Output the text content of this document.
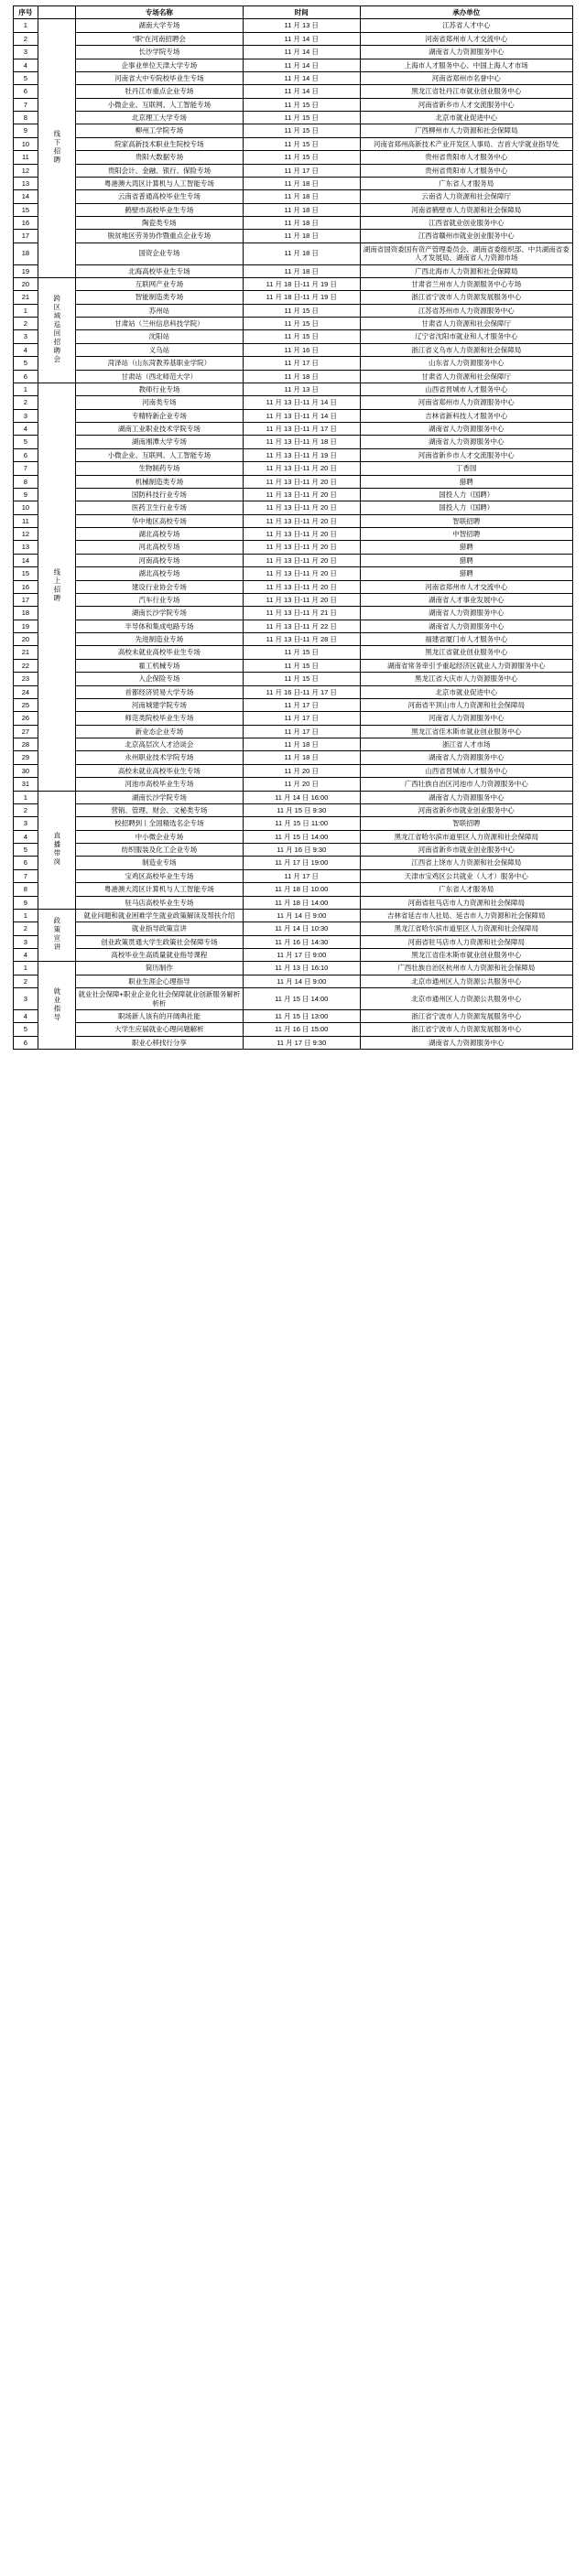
序号		专场名称	时间	承办单位
1	线下招聘	湖南大学专场	11 月 13 日	江苏省人才中心
2		"职"在河南招聘会	11 月 14 日	河南省郑州市人才交流中心
3		长沙学院专场	11 月 14 日	湖南省人力资源服务中心
4		企事业单位天津大学专场	11 月 14 日	上海市人才服务中心、中国上海人才市场
5		河南省大中专院校毕业生专场	11 月 14 日	河南省郑州市名誉中心
6		牡丹江市重点企业专场	11 月 14 日	黑龙江省牡丹江市就业创业服务中心
7		小微企业、互联网、人工智能专场	11 月 15 日	河南省新乡市人才交流服务中心
8		北京理工大学专场	11 月 15 日	北京市就业促进中心
9		柳州工学院专场	11 月 15 日	广西柳州市人力资源和社会保障局
10		院家高新技术职业生院校专场	11 月 15 日	河南省郑州高新技术产业开发区人事局、吉首大学就业指导处
11		贵阳大数据专场	11 月 15 日	贵州省贵阳市人才服务中心
12		贵阳会计、金融、银行、保险专场	11 月 17 日	贵州省贵阳市人才服务中心
13		粤港澳大湾区计算机与人工智能专场	11 月 18 日	广东省人才服务局
14		云南省普通高校毕业生专场	11 月 18 日	云南省人力资源和社会保障厅
15		鹤壁市高校毕业生专场	11 月 18 日	河南省鹤壁市人力资源和社会保障局
16		陶瓷类专场	11 月 18 日	江西省就业创业服务中心
17		脱贫地区劳务协作暨重点企业专场	11 月 18 日	江西省赣州市就业创业服务中心
18		国资企业专场	11 月 18 日	湖南省国资委国有资产管理委员会、湖南省委组织部、中共湖南省委人才发展局、湖南省人力资源市场
19		北海高校毕业生专场	11 月 18 日	广西北海市人力资源和社会保障局
20	跨区域巡回招聘会	互联网产业专场	11 月 18 日-11 月 19 日	甘肃省兰州市人力资源服务中心专场
21		智能制造类专场	11 月 18 日-11 月 19 日	浙江省宁波市人力资源发展服务中心
1		苏州站	11 月 15 日	江苏省苏州市人力资源服务中心
2		甘肃站（兰州信息科技学院）	11 月 15 日	甘肃省人力资源和社会保障厅
3		沈阳站	11 月 15 日	辽宁省沈阳市就业和人才服务中心
4		义乌站	11 月 16 日	浙江省义乌市人力资源和社会保障局
5		菏泽站（山东菏教养基职业学院）	11 月 17 日	山东省人力资源服务中心
6		甘肃站（西北师范大学）	11 月 18 日	甘肃省人力资源和社会保障厅
1	线上招聘	教师行业专场	11 月 13 日	山西省晋城市人才服务中心
2		河南类专场	11 月 13 日-11 月 14 日	河南省郑州市人力资源服务中心
3		专精特新企业专场	11 月 13 日-11 月 14 日	吉林省新科技人才服务中心
4		湖南工业职业技术学院专场	11 月 13 日-11 月 17 日	湖南省人力资源服务中心
5		湖南湘潭大学专场	11 月 13 日-11 月 18 日	湖南省人力资源服务中心
6		小微企业、互联网、人工智能专场	11 月 13 日-11 月 19 日	河南省新乡市人才交流服务中心
7		生物制药专场	11 月 13 日-11 月 20 日	丁香园
8		机械制造类专场	11 月 13 日-11 月 20 日	猎聘
9		国防科技行业专场	11 月 13 日-11 月 20 日	国投人力（国聘）
10		医药卫生行业专场	11 月 13 日-11 月 20 日	国投人力（国聘）
11		华中地区高校专场	11 月 13 日-11 月 20 日	智联招聘
12		湖北高校专场	11 月 13 日-11 月 20 日	中智招聘
13		河北高校专场	11 月 13 日-11 月 20 日	猎聘
14		河南高校专场	11 月 13 日-11 月 20 日	猎聘
15		湖北高校专场	11 月 13 日-11 月 20 日	猎聘
16		建设行业协会专场	11 月 13 日-11 月 20 日	河南省郑州市人才交流中心
17		汽车行业专场	11 月 13 日-11 月 20 日	湖南省人才事业发展中心
18		湖南长沙学院专场	11 月 13 日-11 月 21 日	湖南省人力资源服务中心
19		半导体和集成电路专场	11 月 13 日-11 月 22 日	湖南省人力资源服务中心
20		先进制造业专场	11 月 13 日-11 月 28 日	福建省厦门市人才服务中心
21		高校未就业高校毕业生专场	11 月 15 日	黑龙江省就业创业服务中心
22		霍工机械专场	11 月 15 日	湖南省常务牵引予重起经济区就业人力资源服务中心
23		入企保险专场	11 月 15 日	黑龙江省大庆市人力资源服务中心
24		首都经济贸易大学专场	11 月 16 日-11 月 17 日	北京市就业促进中心
25		河南城建学院专场	11 月 17 日	河南省平顶山市人力资源和社会保障局
26		师范类院校毕业生专场	11 月 17 日	河南省人力资源服务中心
27		新业态企业专场	11 月 17 日	黑龙江省佳木斯市就业创业服务中心
28		北京高层次人才洽谈会	11 月 18 日	浙江省人才市场
29		永州职业技术学院专场	11 月 18 日	湖南省人力资源服务中心
30		高校未就业高校毕业生专场	11 月 20 日	山西省晋城市人才服务中心
31		河池市高校毕业生专场	11 月 20 日	广西壮族自治区河池市人力资源服务中心
1	直播带岗	湖南长沙学院专场	11 月 14 日 16:00	湖南省人力资源服务中心
2		营销、管理、财会、文秘类专场	11 月 15 日 9:30	河南省新乡市就业创业服务中心
3		校招聘到丨全国精选名企专场	11 月 15 日 11:00	智联招聘
4		中小微企业专场	11 月 15 日 14:00	黑龙江省哈尔滨市道里区人力资源和社会保障局
5		纺织服装及化工企业专场	11 月 16 日 9:30	河南省新乡市就业创业服务中心
6		制造业专场	11 月 17 日 19:00	江西省上饶市人力资源和社会保障局
7		宝鸡区高校毕业生专场	11 月 17 日	天津市宝鸡区公共就业（人才）服务中心
8		粤港澳大湾区计算机与人工智能专场	11 月 18 日 10:00	广东省人才服务局
9		驻马店高校毕业生专场	11 月 18 日 14:00	河南省驻马店市人力资源和社会保障局
1	政策宣讲	就业问题和就业困难学生就业政策解读及帮扶介绍	11 月 14 日 9:00	吉林省延吉市人社局、延吉市人力资源和社会保障局
2		就业指导政策宣讲	11 月 14 日 10:30	黑龙江省哈尔滨市道里区人力资源和社会保障局
3		创业政策贯通大学生政策社会保障专场	11 月 16 日 14:30	河南省驻马店市人力资源和社会保障局
4		高校毕业生高质量就业指导课程	11 月 17 日 9:00	黑龙江省佳木斯市就业创业服务中心
1	就业指导	简历制作	11 月 13 日 16:10	广西壮族自治区杭州市人力资源和社会保障局
2		职业生涯企心理指导	11 月 14 日 9:00	北京市通州区人力资源公共服务中心
3		就业社会保障+职业企业化社会保障就业创新服务解析析析	11 月 15 日 14:00	北京市通州区人力资源公共服务中心
4		职场新人该有的开阔典社能	11 月 15 日 13:00	浙江省宁波市人力资源发展服务中心
5		大学生应届就业心理问题解析	11 月 16 日 15:00	浙江省宁波市人力资源发展服务中心
6		职业心移找行分享	11 月 17 日 9:30	湖南省人力资源服务中心
